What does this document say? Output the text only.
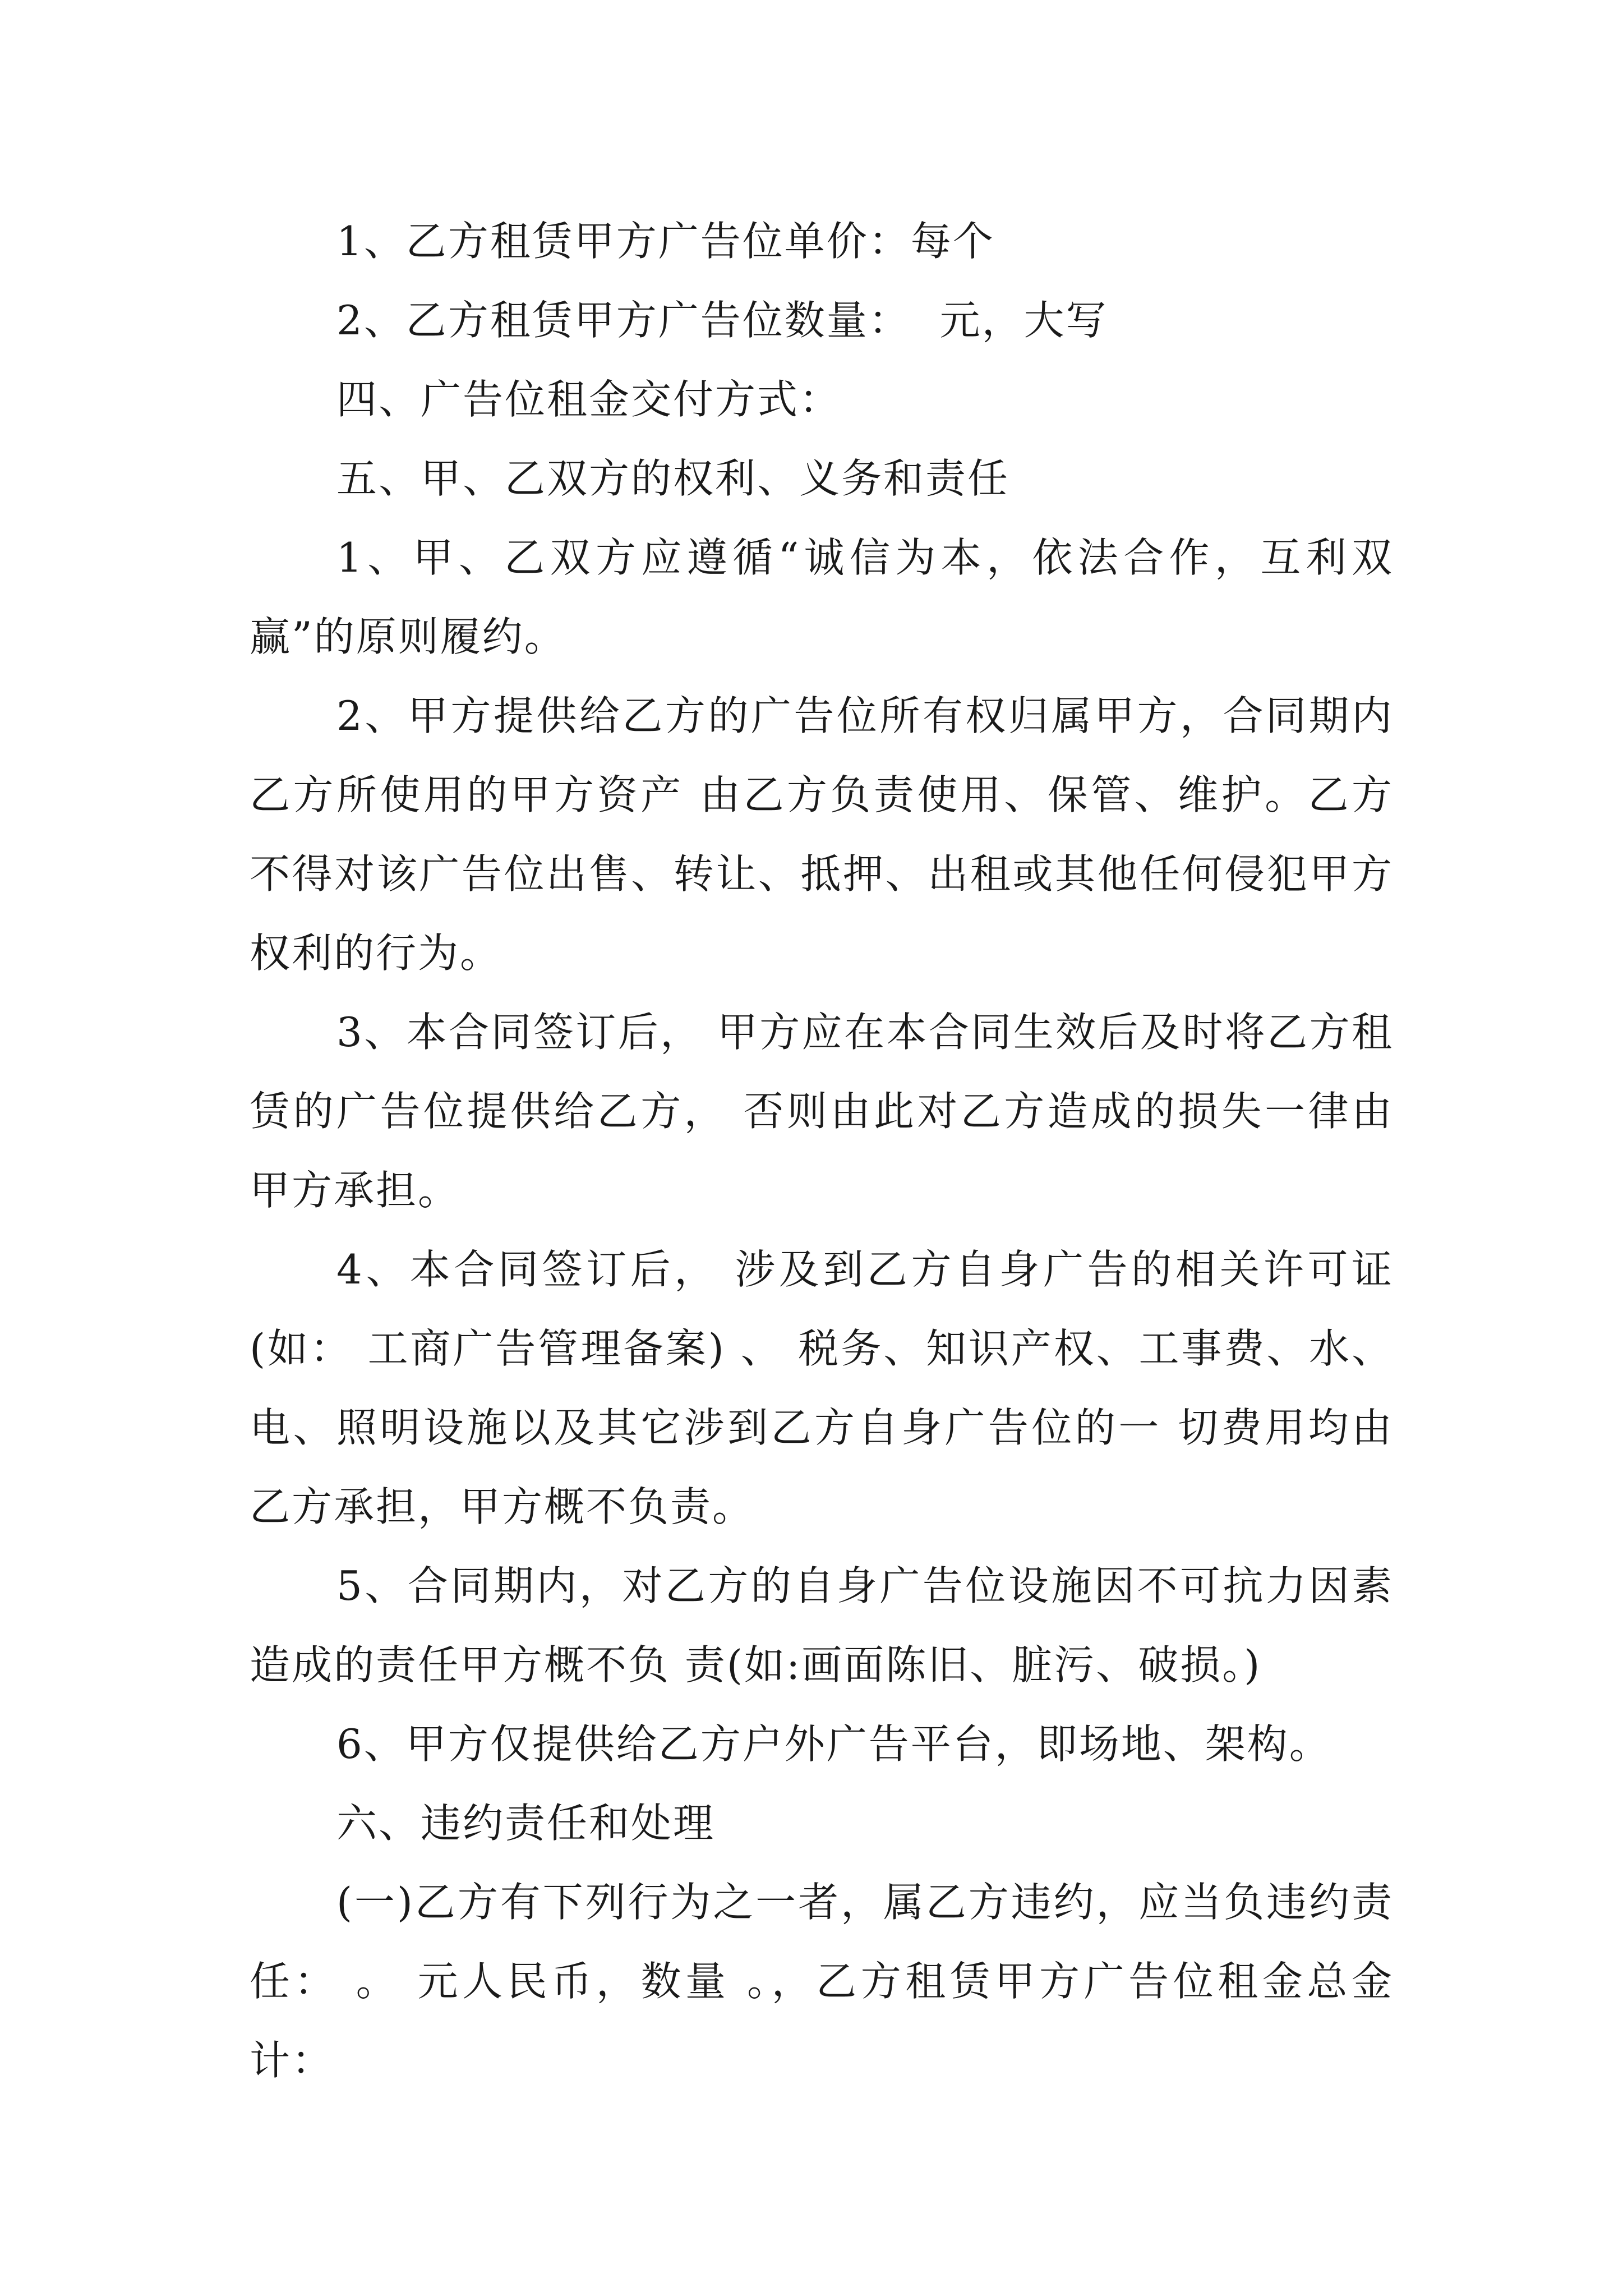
1、乙方租赁甲方广告位单价：每个

2、乙方租赁甲方广告位数量：  元，大写

四、广告位租金交付方式：

五、甲、乙双方的权利、义务和责任

1、甲、乙双方应遵循“诚信为本，依法合作，互利双赢”的原则履约。

2、甲方提供给乙方的广告位所有权归属甲方，合同期内乙方所使用的甲方资产 由乙方负责使用、保管、维护。乙方不得对该广告位出售、转让、抵押、出租或其他任何侵犯甲方权利的行为。

3、本合同签订后， 甲方应在本合同生效后及时将乙方租赁的广告位提供给乙方， 否则由此对乙方造成的损失一律由甲方承担。

4、本合同签订后， 涉及到乙方自身广告的相关许可证(如： 工商广告管理备案) 、 税务、知识产权、工事费、水、电、照明设施以及其它涉到乙方自身广告位的一 切费用均由乙方承担，甲方概不负责。

5、合同期内，对乙方的自身广告位设施因不可抗力因素造成的责任甲方概不负 责(如:画面陈旧、脏污、破损。)

6、甲方仅提供给乙方户外广告平台，即场地、架构。

六、违约责任和处理

(一)乙方有下列行为之一者，属乙方违约，应当负违约责任： 。 元人民币，数量 。，乙方租赁甲方广告位租金总金计：
